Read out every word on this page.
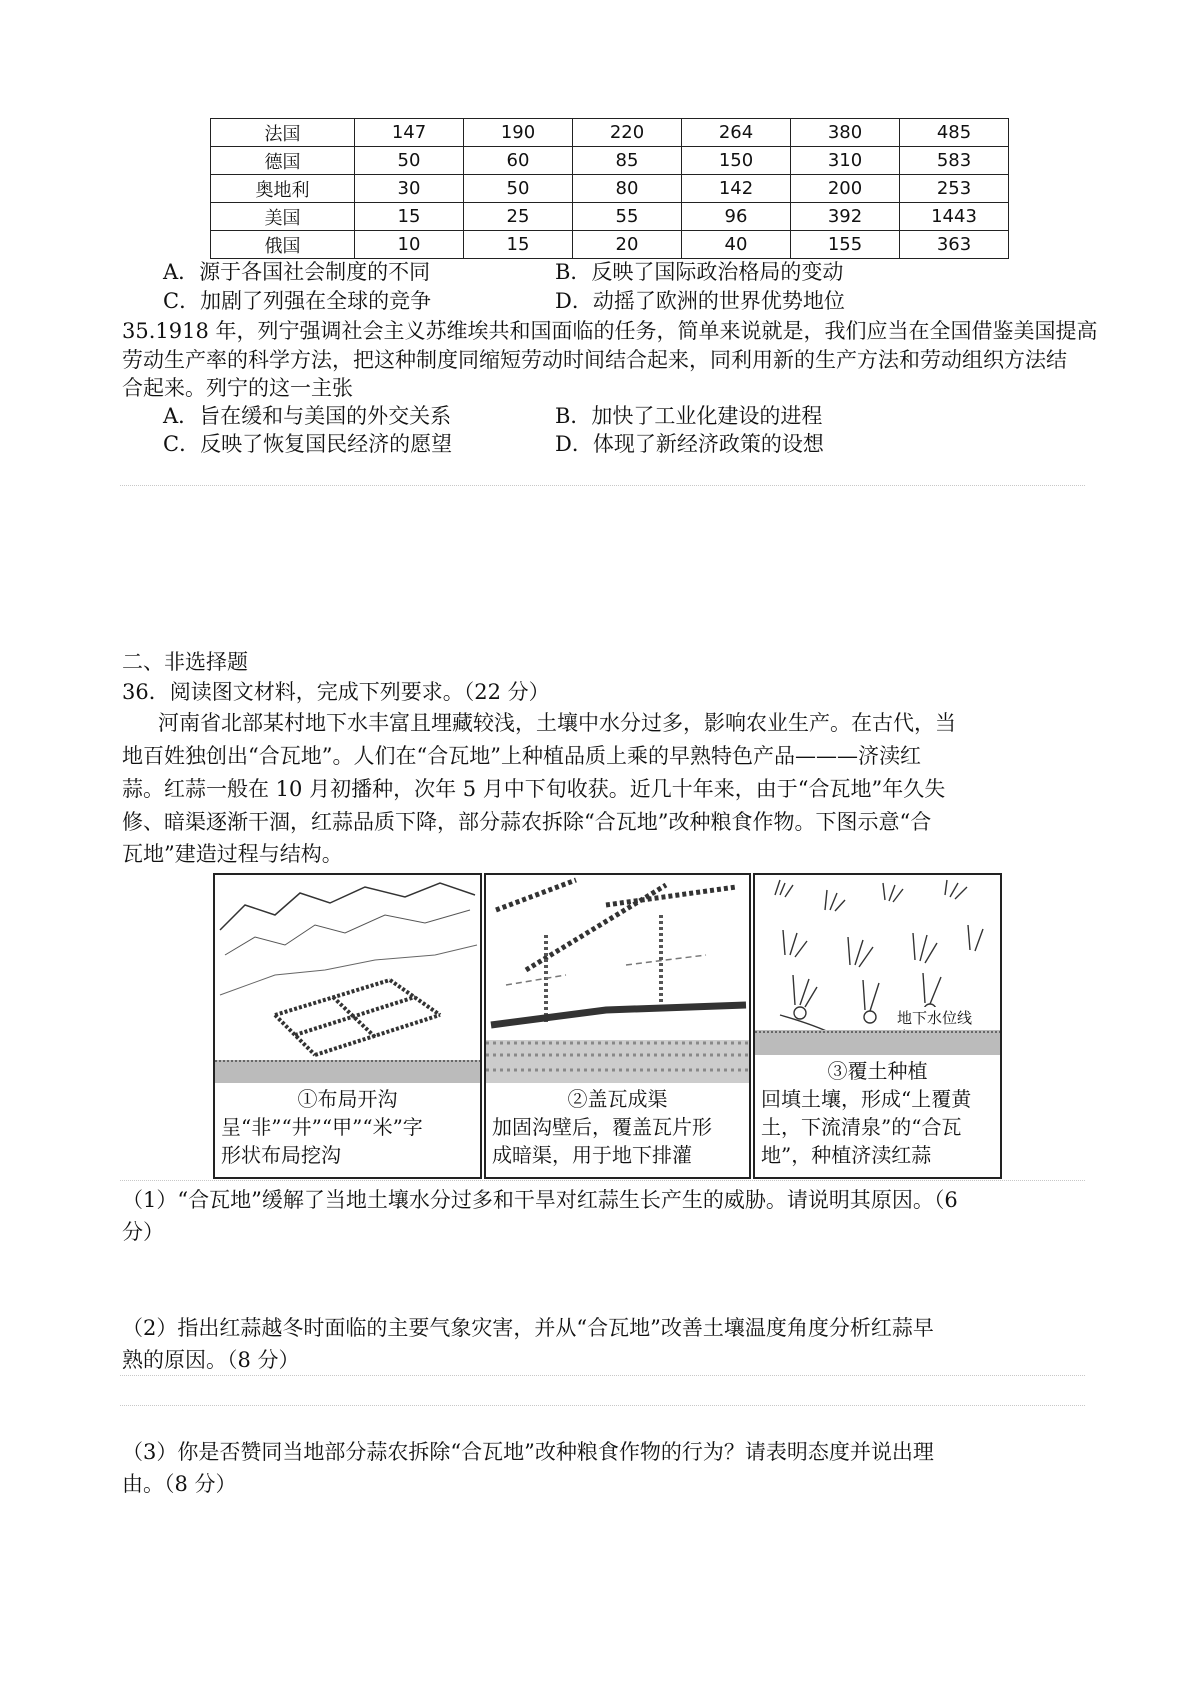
法国	147	190	220	264	380	485
德国	50	60	85	150	310	583
奥地利	30	50	80	142	200	253
美国	15	25	55	96	392	1443
俄国	10	15	20	40	155	363
A．源于各国社会制度的不同	B．反映了国际政治格局的变动
C．加剧了列强在全球的竞争	D．动摇了欧洲的世界优势地位
35.1918 年，列宁强调社会主义苏维埃共和国面临的任务，简单来说就是，我们应当在全国借鉴美国提高
劳动生产率的科学方法，把这种制度同缩短劳动时间结合起来，同利用新的生产方法和劳动组织方法结
合起来。列宁的这一主张
A．旨在缓和与美国的外交关系	B．加快了工业化建设的进程
C．反映了恢复国民经济的愿望	D．体现了新经济政策的设想
二、非选择题
36．阅读图文材料，完成下列要求。（22 分）
河南省北部某村地下水丰富且埋藏较浅，土壤中水分过多，影响农业生产。在古代，当
地百姓独创出“合瓦地”。人们在“合瓦地”上种植品质上乘的早熟特色产品———济渎红
蒜。红蒜一般在 10 月初播种，次年 5 月中下旬收获。近几十年来，由于“合瓦地”年久失
修、暗渠逐渐干涸，红蒜品质下降，部分蒜农拆除“合瓦地”改种粮食作物。下图示意“合
瓦地”建造过程与结构。
①布局开沟
呈“非”“井”“甲”“米”字
形状布局挖沟
②盖瓦成渠
加固沟壁后，覆盖瓦片形
成暗渠，用于地下排灌
地下水位线
③覆土种植
回填土壤，形成“上覆黄
土，下流清泉”的“合瓦
地”，种植济渎红蒜
（1）“合瓦地”缓解了当地土壤水分过多和干旱对红蒜生长产生的威胁。请说明其原因。（6
分）
（2）指出红蒜越冬时面临的主要气象灾害，并从“合瓦地”改善土壤温度角度分析红蒜早
熟的原因。（8 分）
（3）你是否赞同当地部分蒜农拆除“合瓦地”改种粮食作物的行为？请表明态度并说出理
由。（8 分）
